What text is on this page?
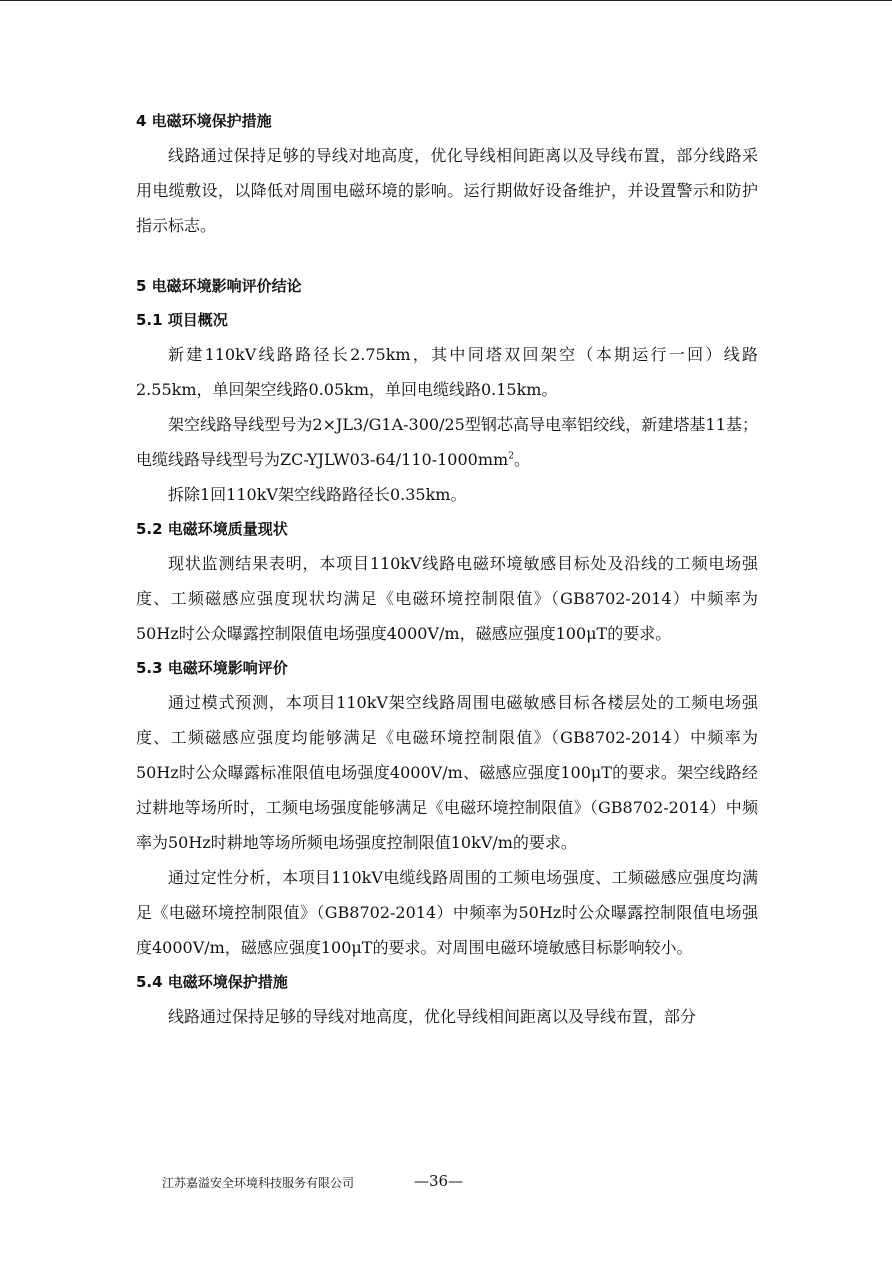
4 电磁环境保护措施

线路通过保持足够的导线对地高度，优化导线相间距离以及导线布置，部分线路采用电缆敷设，以降低对周围电磁环境的影响。运行期做好设备维护，并设置警示和防护指示标志。

5 电磁环境影响评价结论
5.1 项目概况

新建110kV线路路径长2.75km，其中同塔双回架空（本期运行一回）线路2.55km，单回架空线路0.05km，单回电缆线路0.15km。

架空线路导线型号为2×JL3/G1A-300/25型钢芯高导电率铝绞线，新建塔基11基；电缆线路导线型号为$ZC-YJLW03-64/110-1000mm^2$。

拆除1回110kV架空线路路径长0.35km。

5.2 电磁环境质量现状

现状监测结果表明，本项目110kV线路电磁环境敏感目标处及沿线的工频电场强度、工频磁感应强度现状均满足《电磁环境控制限值》（GB8702-2014）中频率为50Hz时公众曝露控制限值电场强度4000V/m，磁感应强度100μT的要求。

5.3 电磁环境影响评价

通过模式预测，本项目110kV架空线路周围电磁敏感目标各楼层处的工频电场强度、工频磁感应强度均能够满足《电磁环境控制限值》（GB8702-2014）中频率为50Hz时公众曝露标准限值电场强度4000V/m、磁感应强度100μT的要求。架空线路经过耕地等场所时，工频电场强度能够满足《电磁环境控制限值》（GB8702-2014）中频率为50Hz时耕地等场所频电场强度控制限值10kV/m的要求。

通过定性分析，本项目110kV电缆线路周围的工频电场强度、工频磁感应强度均满足《电磁环境控制限值》（GB8702-2014）中频率为50Hz时公众曝露控制限值电场强度4000V/m，磁感应强度100μT的要求。对周围电磁环境敏感目标影响较小。

5.4 电磁环境保护措施

线路通过保持足够的导线对地高度，优化导线相间距离以及导线布置，部分

江苏嘉溢安全环境科技服务有限公司	—36—
